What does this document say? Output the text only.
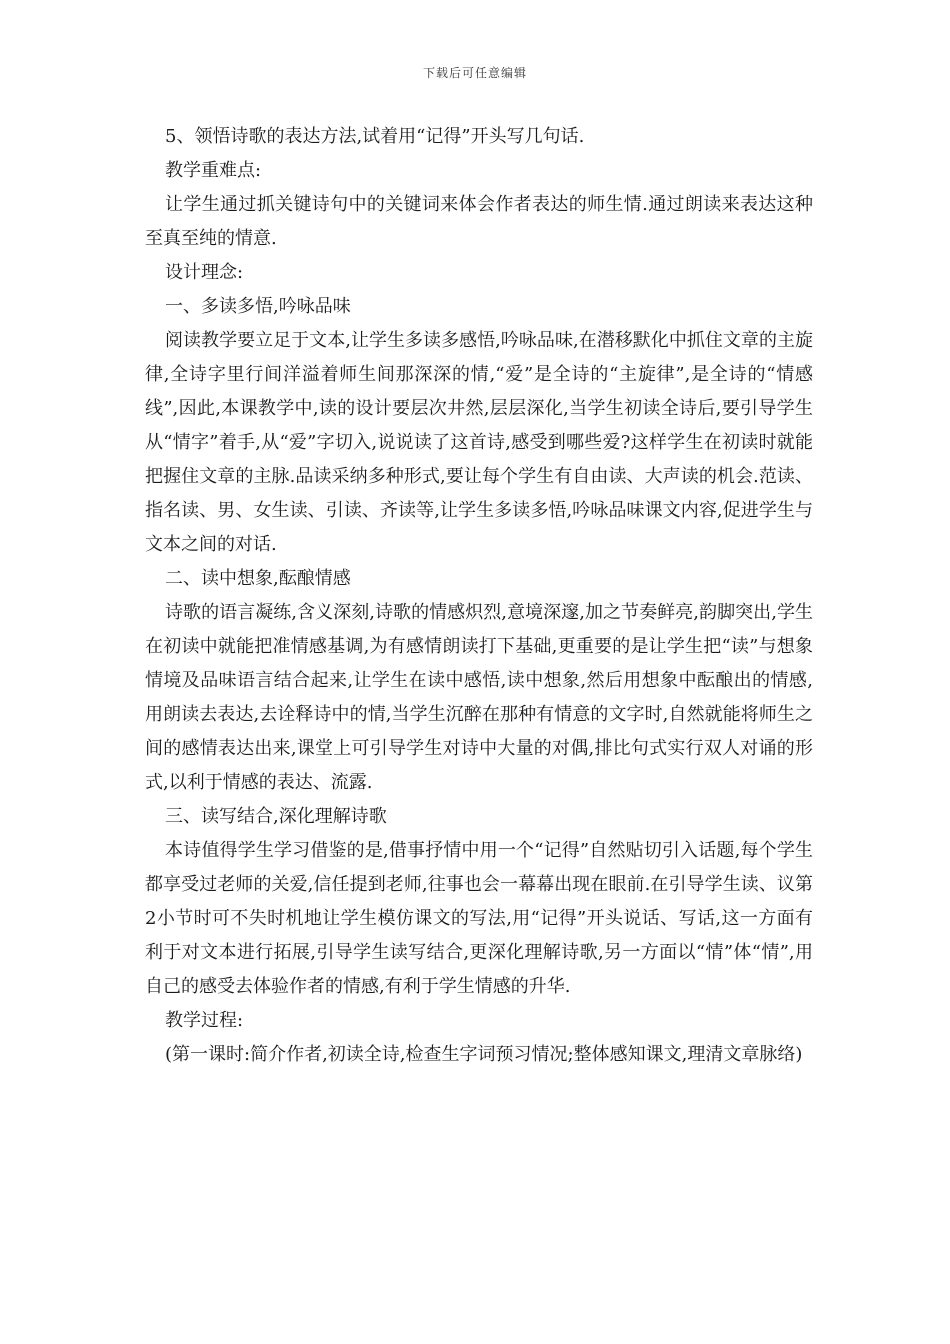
下载后可任意编辑

5、领悟诗歌的表达方法,试着用“记得”开头写几句话.

教学重难点:

让学生通过抓关键诗句中的关键词来体会作者表达的师生情.通过朗读来表达这种至真至纯的情意.

设计理念:

一、多读多悟,吟咏品味

阅读教学要立足于文本,让学生多读多感悟,吟咏品味,在潜移默化中抓住文章的主旋律,全诗字里行间洋溢着师生间那深深的情,“爱”是全诗的“主旋律”,是全诗的“情感线”,因此,本课教学中,读的设计要层次井然,层层深化,当学生初读全诗后,要引导学生从“情字”着手,从“爱”字切入,说说读了这首诗,感受到哪些爱?这样学生在初读时就能把握住文章的主脉.品读采纳多种形式,要让每个学生有自由读、大声读的机会.范读、指名读、男、女生读、引读、齐读等,让学生多读多悟,吟咏品味课文内容,促进学生与文本之间的对话.

二、读中想象,酝酿情感

诗歌的语言凝练,含义深刻,诗歌的情感炽烈,意境深邃,加之节奏鲜亮,韵脚突出,学生在初读中就能把准情感基调,为有感情朗读打下基础,更重要的是让学生把“读”与想象情境及品味语言结合起来,让学生在读中感悟,读中想象,然后用想象中酝酿出的情感,用朗读去表达,去诠释诗中的情,当学生沉醉在那种有情意的文字时,自然就能将师生之间的感情表达出来,课堂上可引导学生对诗中大量的对偶,排比句式实行双人对诵的形式,以利于情感的表达、流露.

三、读写结合,深化理解诗歌

本诗值得学生学习借鉴的是,借事抒情中用一个“记得”自然贴切引入话题,每个学生都享受过老师的关爱,信任提到老师,往事也会一幕幕出现在眼前.在引导学生读、议第2小节时可不失时机地让学生模仿课文的写法,用“记得”开头说话、写话,这一方面有利于对文本进行拓展,引导学生读写结合,更深化理解诗歌,另一方面以“情”体“情”,用自己的感受去体验作者的情感,有利于学生情感的升华.

教学过程:

(第一课时:简介作者,初读全诗,检查生字词预习情况;整体感知课文,理清文章脉络)
